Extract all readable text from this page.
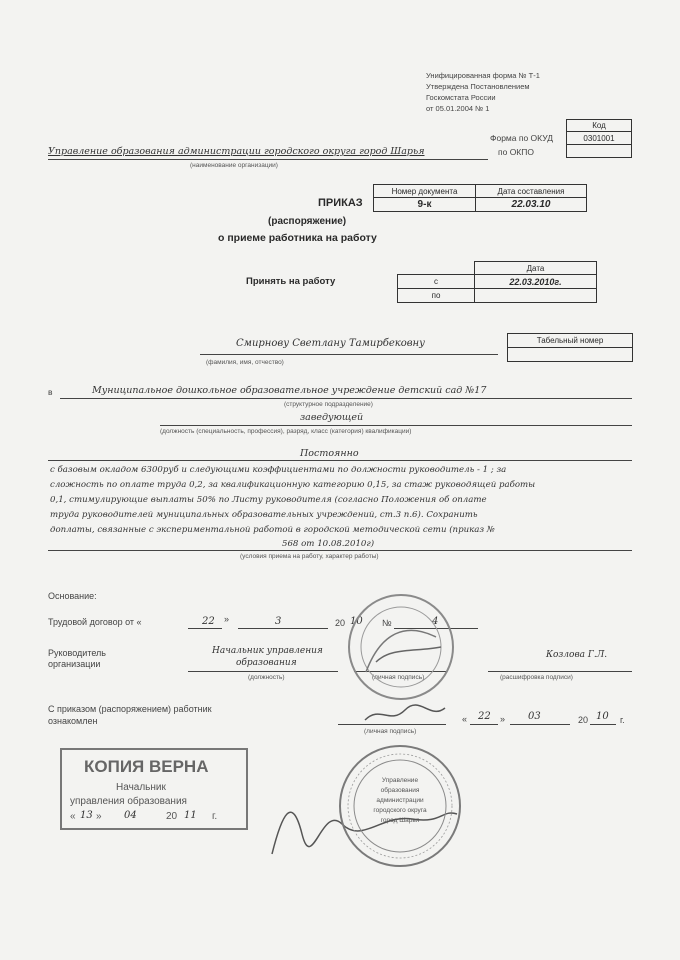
Унифицированная форма № Т-1
Утверждена Постановлением
Госкомстата России
от 05.01.2004 № 1
Код
0301001
Форма по ОКУД
по ОКПО
Управление образования администрации городского округа город Шарья
(наименование организации)
ПРИКАЗ
(распоряжение)
о приеме работника на работу
Номер документа	Дата составления
9-к	22.03.10
Принять на работу
Дата
с	22.03.2010г.
по
Смирнову Светлану Тамирбековну
(фамилия, имя, отчество)
Табельный номер
в	Муниципальное дошкольное образовательное учреждение детский сад №17
(структурное подразделение)
заведующей
(должность (специальность, профессия), разряд, класс (категория) квалификации)
Постоянно
с базовым окладом 6300руб и следующими коэффициентами по должности руководитель - 1 ; за
сложность по оплате труда 0,2, за квалификационную категорию 0,15, за стаж руководящей работы
0,1, стимулирующие выплаты 50% по Листу руководителя (согласно Положения об оплате
труда руководителей муниципальных образовательных учреждений, ст.3 п.6). Сохранить
доплаты, связанные с экспериментальной работой в городской методической сети (приказ №
568 от 10.08.2010г)
(условия приема на работу, характер работы)
Основание:
Трудовой договор от «	22 »	3	20 10 №	4
Руководитель
организации
Начальник управления
образования
(должность)	(личная подпись)
Козлова Г.Л.
(расшифровка подписи)
С приказом (распоряжением) работник
ознакомлен
(личная подпись)
« 22 » 03	20 10 г.
КОПИЯ ВЕРНА
Начальник
управления образования
« 13 » 04	20 11 г.
Управление
образования
администрации
городского округа
город Шарья
